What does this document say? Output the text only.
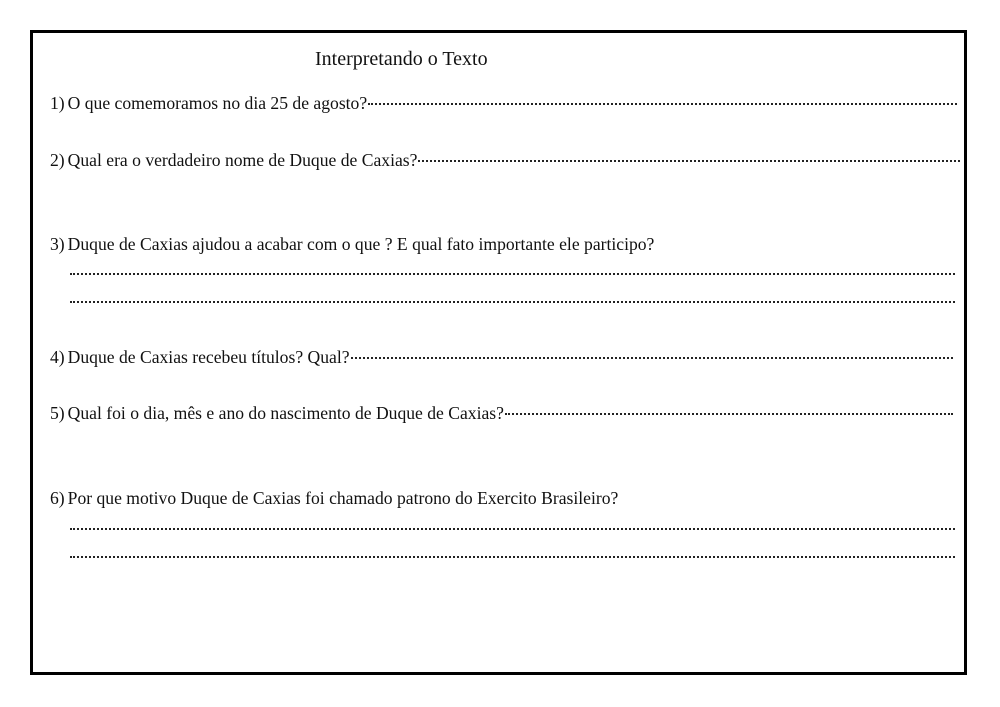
Interpretando o Texto
1) O que comemoramos no dia 25 de agosto?
2) Qual era o verdadeiro nome de Duque de Caxias?
3) Duque de Caxias ajudou a acabar com o que ? E qual fato importante ele participo?
4) Duque de Caxias recebeu títulos? Qual?
5) Qual foi o dia, mês e ano do nascimento de Duque de Caxias?
6) Por que motivo Duque de Caxias foi chamado patrono do Exercito Brasileiro?
